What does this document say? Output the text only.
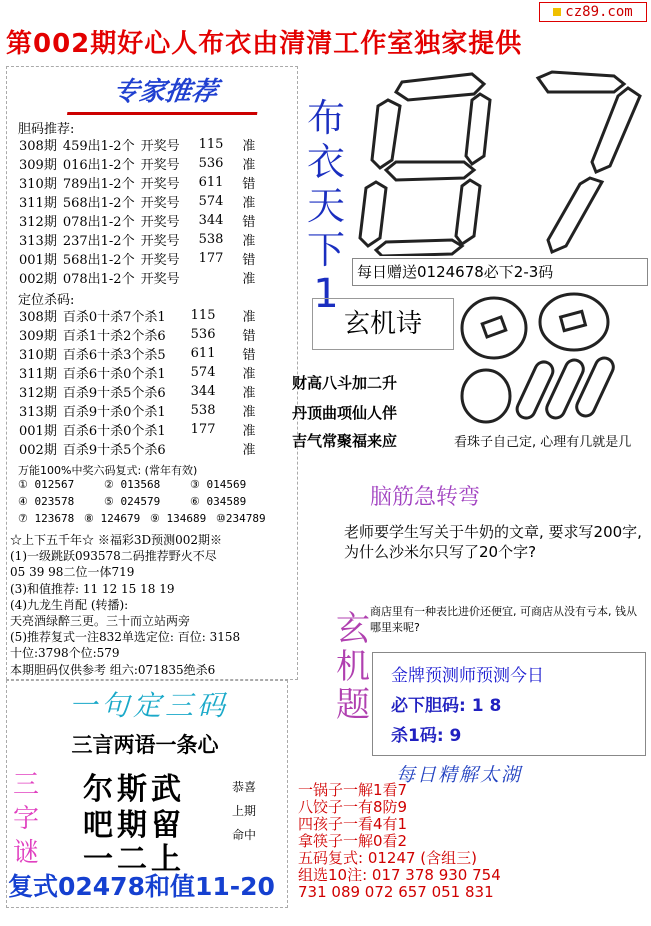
cz89.com
第002期好心人布衣由清清工作室独家提供
专家推荐
胆码推荐:
308期	459出1-2个	开奖号	115	准
309期	016出1-2个	开奖号	536	准
310期	789出1-2个	开奖号	611	错
311期	568出1-2个	开奖号	574	准
312期	078出1-2个	开奖号	344	错
313期	237出1-2个	开奖号	538	准
001期	568出1-2个	开奖号	177	错
002期	078出1-2个	开奖号		准
定位杀码:
308期	百杀0十杀7个杀1	115	准
309期	百杀1十杀2个杀6	536	错
310期	百杀6十杀3个杀5	611	错
311期	百杀6十杀0个杀1	574	准
312期	百杀9十杀5个杀6	344	准
313期	百杀9十杀0个杀1	538	准
001期	百杀6十杀0个杀1	177	准
002期	百杀9十杀5个杀6		准
万能100%中奖六码复式: (常年有效)
① 012567	② 013568	③ 014569
④ 023578	⑤ 024579	⑥ 034589
⑦ 123678 ⑧ 124679 ⑨ 134689 ⑩234789
☆上下五千年☆ ※福彩3D预测002期※
(1)一级跳跃093578二码推荐野火不尽
05 39 98二位一体719
(3)和值推荐: 11 12 15 18 19
(4)九龙生肖配 (转播):
天亮酒绿醉三更。三十而立站两旁
(5)推荐复式一注832单选定位: 百位: 3158
十位:3798个位:579
本期胆码仅供参考 组六:071835绝杀6
布
衣
天
下
1	每日赠送0124678必下2-3码
玄机诗
财高八斗加二升
丹顶曲项仙人伴
吉气常聚福来应	看珠子自己定, 心理有几就是几
脑筋急转弯
老师要学生写关于牛奶的文章, 要求写200字, 为什么沙米尔只写了20个字?
商店里有一种表比进价还便宜, 可商店从没有亏本, 钱从哪里来呢?
玄
机
题
金牌预测师预测今日
必下胆码: 1 8
杀1码: 9
每日精解太湖
一锅子一解1看7
八饺子一有8防9
四孩子一看4有1
拿筷子一解0看2
五码复式: 01247 (含组三)
组选10注: 017 378 930 754
731 089 072 657 051 831
一句定三码
三言两语一条心
三
字
谜
尔斯武
吧期留
一二上
恭喜
上期
命中
复式02478和值11-20
